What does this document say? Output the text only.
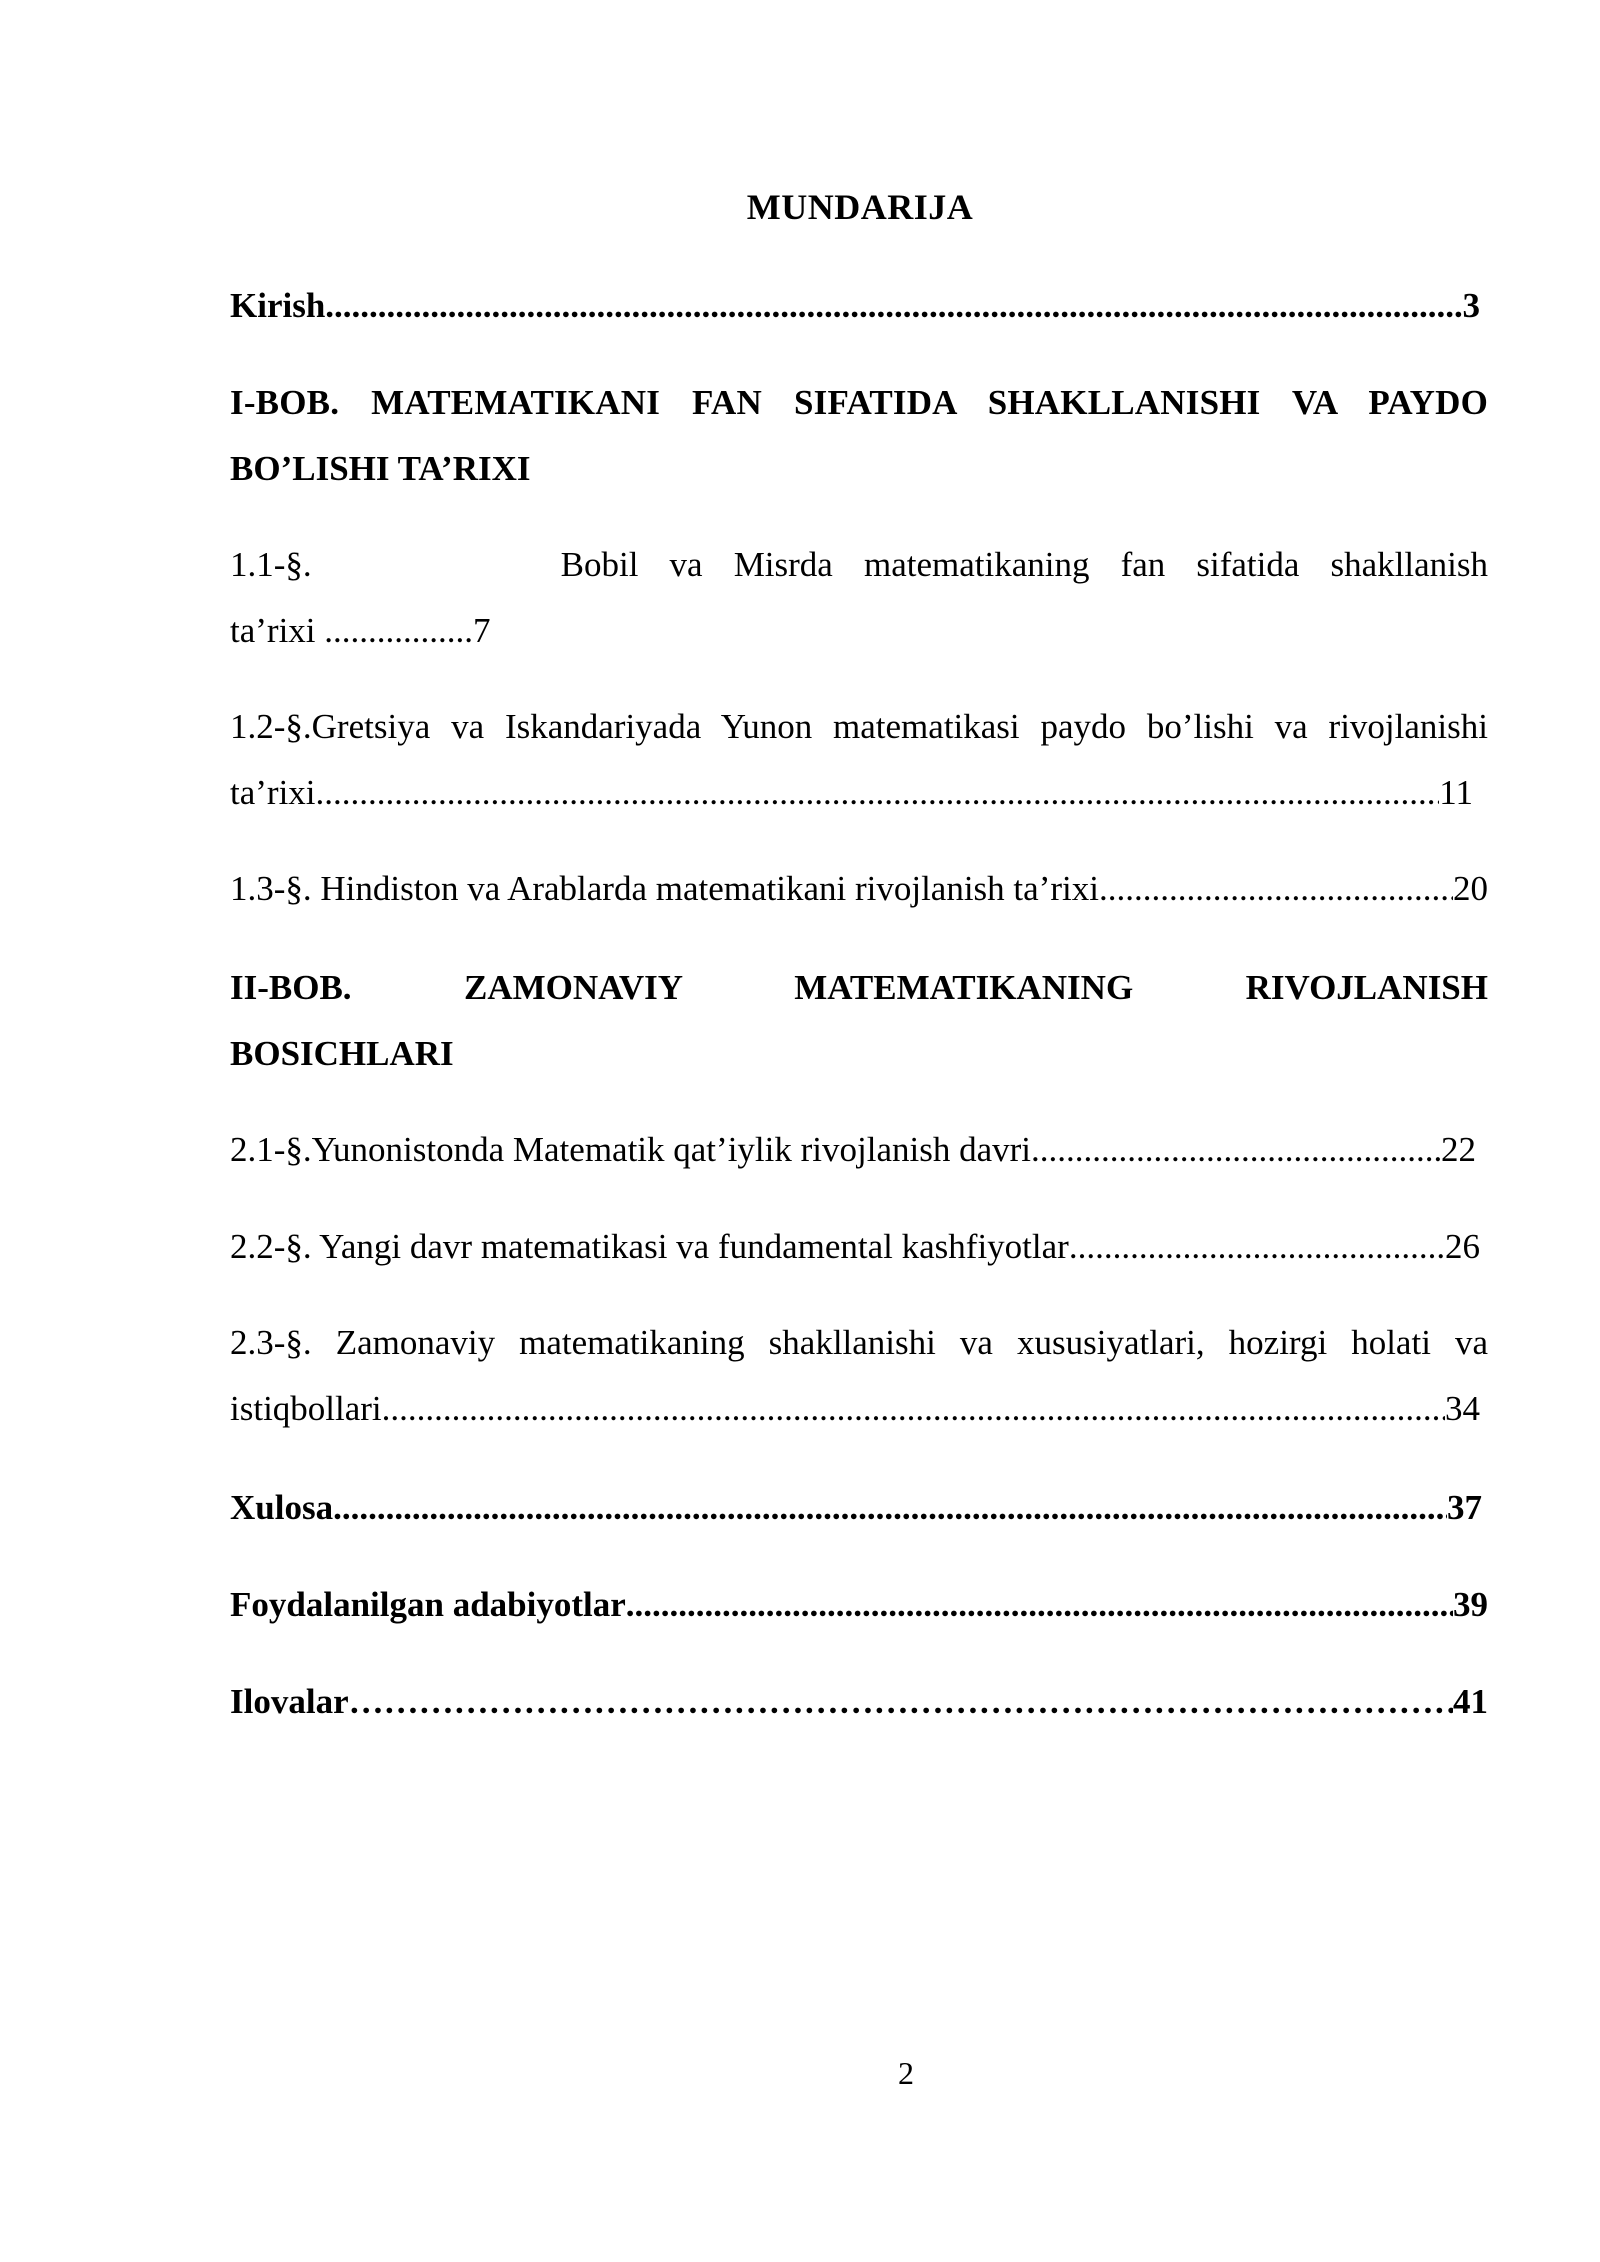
MUNDARIJA
Kirish .....	3
I-BOB. MATEMATIKANI FAN SIFATIDA SHAKLLANISHI VA PAYDO
BO’LISHI TA’RIXI
1.1-§.        Bobil va Misrda matematikaning fan sifatida shakllanish
ta’rixi .................7
1.2-§.Gretsiya va Iskandariyada Yunon matematikasi paydo bo’lishi va rivojlanishi
ta’rixi .....	11
1.3-§. Hindiston va Arablarda matematikani rivojlanish ta’rixi .....	20
II-BOB. ZAMONAVIY MATEMATIKANING RIVOJLANISH
BOSICHLARI
2.1-§.Yunonistonda Matematik qat’iylik rivojlanish davri .....	22
2.2-§. Yangi davr matematikasi va fundamental kashfiyotlar .....	26
2.3-§. Zamonaviy matematikaning shakllanishi va xususiyatlari, hozirgi holati va
istiqbollari .....	34
Xulosa .....	37
Foydalanilgan adabiyotlar .....	39
Ilovalar ……………………………………………………………………………………………………………………………………………………………………………………	41
2
